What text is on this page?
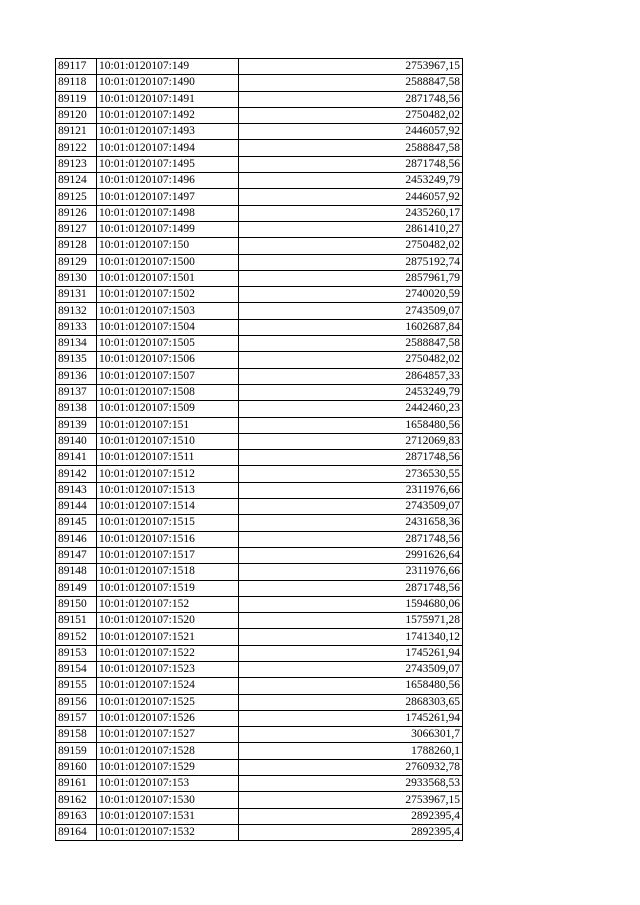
89117	10:01:0120107:149	2753967,15
89118	10:01:0120107:1490	2588847,58
89119	10:01:0120107:1491	2871748,56
89120	10:01:0120107:1492	2750482,02
89121	10:01:0120107:1493	2446057,92
89122	10:01:0120107:1494	2588847,58
89123	10:01:0120107:1495	2871748,56
89124	10:01:0120107:1496	2453249,79
89125	10:01:0120107:1497	2446057,92
89126	10:01:0120107:1498	2435260,17
89127	10:01:0120107:1499	2861410,27
89128	10:01:0120107:150	2750482,02
89129	10:01:0120107:1500	2875192,74
89130	10:01:0120107:1501	2857961,79
89131	10:01:0120107:1502	2740020,59
89132	10:01:0120107:1503	2743509,07
89133	10:01:0120107:1504	1602687,84
89134	10:01:0120107:1505	2588847,58
89135	10:01:0120107:1506	2750482,02
89136	10:01:0120107:1507	2864857,33
89137	10:01:0120107:1508	2453249,79
89138	10:01:0120107:1509	2442460,23
89139	10:01:0120107:151	1658480,56
89140	10:01:0120107:1510	2712069,83
89141	10:01:0120107:1511	2871748,56
89142	10:01:0120107:1512	2736530,55
89143	10:01:0120107:1513	2311976,66
89144	10:01:0120107:1514	2743509,07
89145	10:01:0120107:1515	2431658,36
89146	10:01:0120107:1516	2871748,56
89147	10:01:0120107:1517	2991626,64
89148	10:01:0120107:1518	2311976,66
89149	10:01:0120107:1519	2871748,56
89150	10:01:0120107:152	1594680,06
89151	10:01:0120107:1520	1575971,28
89152	10:01:0120107:1521	1741340,12
89153	10:01:0120107:1522	1745261,94
89154	10:01:0120107:1523	2743509,07
89155	10:01:0120107:1524	1658480,56
89156	10:01:0120107:1525	2868303,65
89157	10:01:0120107:1526	1745261,94
89158	10:01:0120107:1527	3066301,7
89159	10:01:0120107:1528	1788260,1
89160	10:01:0120107:1529	2760932,78
89161	10:01:0120107:153	2933568,53
89162	10:01:0120107:1530	2753967,15
89163	10:01:0120107:1531	2892395,4
89164	10:01:0120107:1532	2892395,4
